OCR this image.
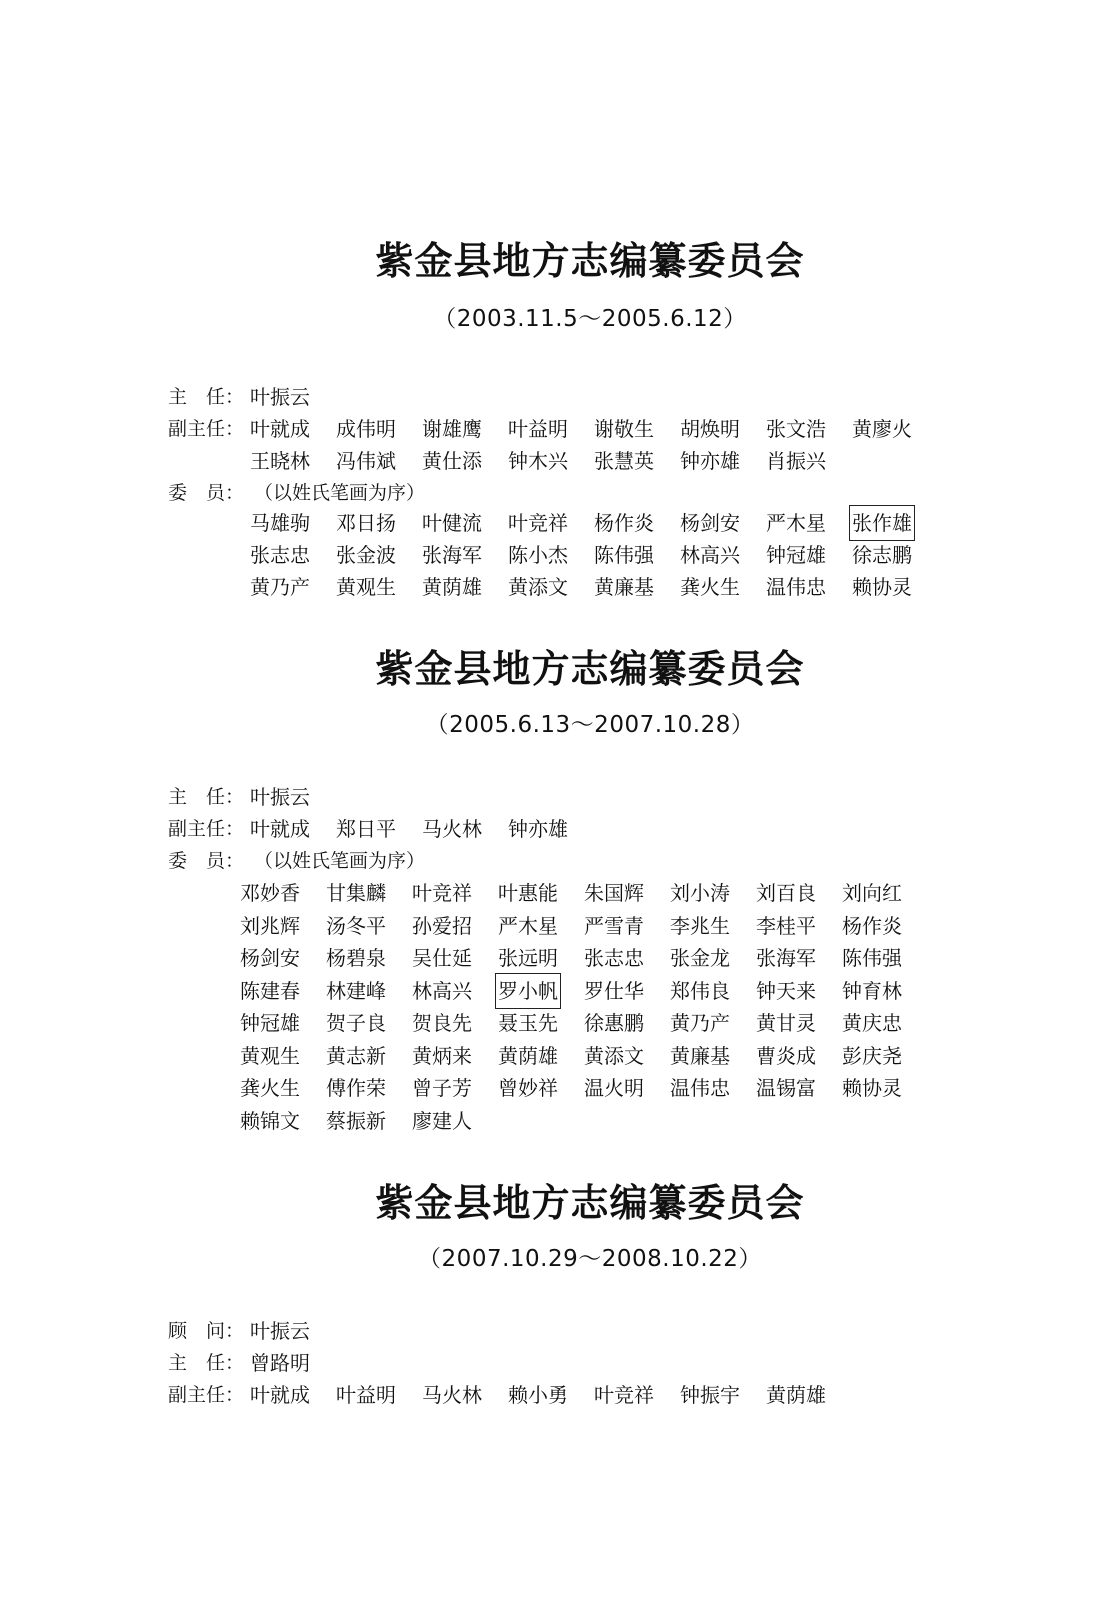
紫金县地方志编纂委员会
（2003.11.5～2005.6.12）
主　任： 叶振云
副主任： 叶就成 成伟明 谢雄鹰 叶益明 谢敬生 胡焕明 张文浩 黄廖火
王晓林 冯伟斌 黄仕添 钟木兴 张慧英 钟亦雄 肖振兴
委　员： （以姓氏笔画为序）
马雄驹 邓日扬 叶健流 叶竞祥 杨作炎 杨剑安 严木星 张作雄
张志忠 张金波 张海军 陈小杰 陈伟强 林高兴 钟冠雄 徐志鹏
黄乃产 黄观生 黄荫雄 黄添文 黄廉基 龚火生 温伟忠 赖协灵
紫金县地方志编纂委员会
（2005.6.13～2007.10.28）
主　任： 叶振云
副主任： 叶就成 郑日平 马火林 钟亦雄
委　员： （以姓氏笔画为序）
邓妙香 甘集麟 叶竞祥 叶惠能 朱国辉 刘小涛 刘百良 刘向红
刘兆辉 汤冬平 孙爱招 严木星 严雪青 李兆生 李桂平 杨作炎
杨剑安 杨碧泉 吴仕延 张远明 张志忠 张金龙 张海军 陈伟强
陈建春 林建峰 林高兴 罗小帆 罗仕华 郑伟良 钟天来 钟育林
钟冠雄 贺子良 贺良先 聂玉先 徐惠鹏 黄乃产 黄甘灵 黄庆忠
黄观生 黄志新 黄炳来 黄荫雄 黄添文 黄廉基 曹炎成 彭庆尧
龚火生 傅作荣 曾子芳 曾妙祥 温火明 温伟忠 温锡富 赖协灵
赖锦文 蔡振新 廖建人
紫金县地方志编纂委员会
（2007.10.29～2008.10.22）
顾　问： 叶振云
主　任： 曾路明
副主任： 叶就成 叶益明 马火林 赖小勇 叶竞祥 钟振宇 黄荫雄
